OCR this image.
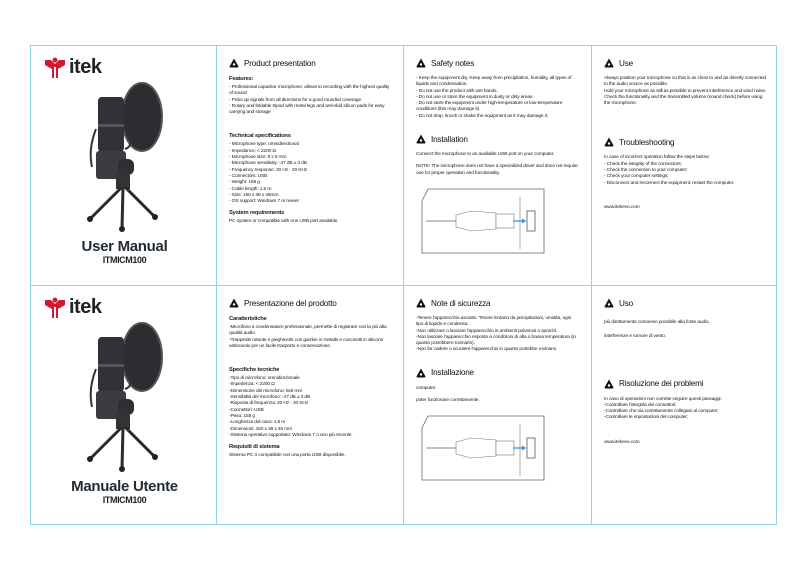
itek
User Manual
ITMICM100
Product presentation
Features:
- Professional capacitor microphone, allows to recording with the highest quality of sound
- Picks up signals from all directions for a good rounded coverage
- Rotary and foldable tripod with metal legs and anti-skid silicon pads for easy carrying and storage
Technical specifications
- Microphone type: omnidirectional
- Impedance: < 2200 Ω
- Microphone size: 9 x 5 mm
- Microphone sensitivity: -47 dB ± 3 dB
- Frequency response: 20 Hz - 20 KHz
- Connectors: USB
- Weight: 158 g
- Cable length: 1.5 m
- Size: 150 x 38 x 45mm
- OS support: Windows 7 or newer
System requirements

PC system or compatible with one USB port available.

Safety notes
- Keep the equipment dry. Keep away from precipitation, humidity, all types of liquids and condensation.
- Do not use the product with wet hands.
- Do not use or store the equipment in dusty or dirty areas.
- Do not store the equipment under high-temperature or low-temperature conditions (this may damage it).
- Do not drop, knock or shake the equipment as it may damage it.
Installation

Connect the microphone to an available USB port on your computer.

NOTE: The microphone does not have a specialized driver and does not require one for proper operation and functionality.

Use

Always position your microphone so that is as close to and as directly connected to the audio source as possible.

Hold your microphone as still as possible to prevent interference and wind noise.

Check the functionality and the transmitted volume (sound check) before using the microphone.

Troubleshooting

In case of incorrect operation follow the steps below:

- Check the integrity of the connectors;
- Check the connection to your computer;
- Check your computer settings;
- Disconnect and reconnect the equipment; restart the computer.

www.itekevo.com

itek
Manuale Utente
ITMICM100
Presentazione del prodotto
Caratteristiche
-Microfono a condensatore professionale, permette di registrare con la più alta qualità audio
-Treppiede rotante e pieghevole con gambe in metallo e cuscinetti in silicone antiscivolo per un facile trasporto e conservazione.
Specifiche tecniche
-Tipo di microfono: omnidirezionale
-Impedenza: < 2200 Ω
-Dimensione del microfono: 9x5 mm
-Sensibilità del microfono: -47 dB ± 3 dB
-Risposta di frequenza: 20 Hz - 20 KHz
-Connettori: USB
-Peso: 158 g
-Lunghezza del cavo: 1.5 m
-Dimensioni: 150 x 38 x 45 mm
-Sistema operativo supportato: Windows 7 o uno più recente.
Requisiti di sistema

Sistema PC o compatibile con una porta USB disponibile.

Note di sicurezza
-Tenere l'apparecchio asciutto. Tenere lontano da precipitazioni, umidità, ogni tipo di liquido e condensa.
-Non utilizzare o lasciare l'apparecchio in ambienti polverosi o sporchi.
-Non lasciare l'apparecchio esposto a condizioni di alta o bassa temperatura (in quanto potrebbero rovinarlo).
-Non far cadere o scuotere l'apparecchio in quanto potrebbe rovinarsi.
Installazione

computer.

poter funzionare correttamente.

Uso

più direttamente connesso possibile alla fonte audio.

interferenze e rumore di vento.

Risoluzione dei problemi

In caso di operazioni non corrette seguire questi passaggi:

-Controllare l'integrità dei connettori;
-Controllare che sia correttamente collegato al computer;
-Controllare le impostazioni del computer;

www.itekevo.com
